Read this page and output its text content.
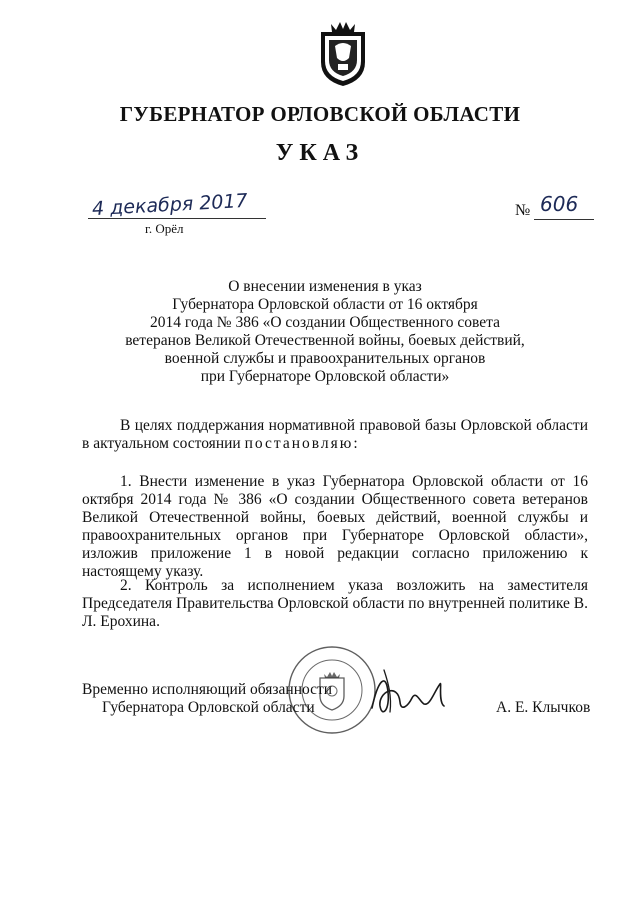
ГУБЕРНАТОР ОРЛОВСКОЙ ОБЛАСТИ
УКАЗ
4 декабря 2017
г. Орёл
№ 606
О внесении изменения в указ
Губернатора Орловской области от 16 октября
2014 года № 386 «О создании Общественного совета
ветеранов Великой Отечественной войны, боевых действий,
военной службы и правоохранительных органов
при Губернаторе Орловской области»
В целях поддержания нормативной правовой базы Орловской области в актуальном состоянии постановляю:
1. Внести изменение в указ Губернатора Орловской области от 16 октября 2014 года № 386 «О создании Общественного совета ветеранов Великой Отечественной войны, боевых действий, военной службы и правоохранительных органов при Губернаторе Орловской области», изложив приложение 1 в новой редакции согласно приложению к настоящему указу.
2. Контроль за исполнением указа возложить на заместителя Председателя Правительства Орловской области по внутренней политике В. Л. Ерохина.
Временно исполняющий обязанности
Губернатора Орловской области	А. Е. Клычков
